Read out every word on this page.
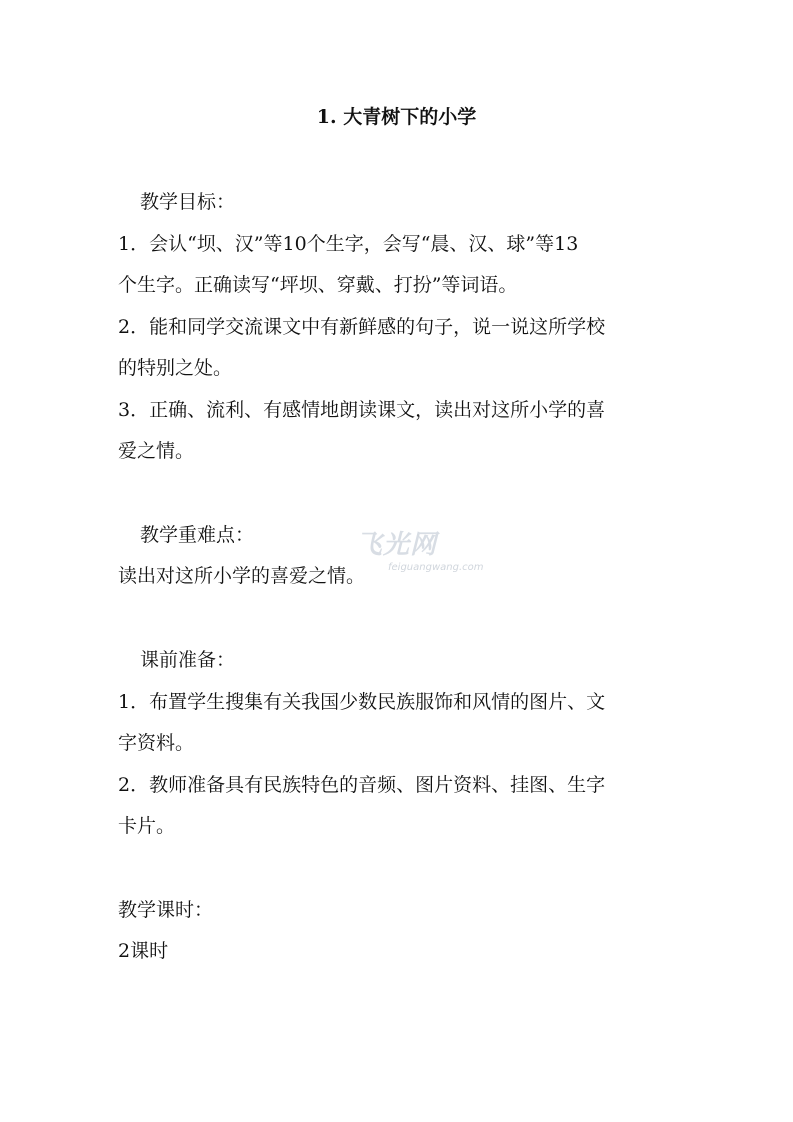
1. 大青树下的小学
教学目标：
1．会认“坝、汉”等10个生字，会写“晨、汉、球”等13
个生字。正确读写“坪坝、穿戴、打扮”等词语。
2．能和同学交流课文中有新鲜感的句子，说一说这所学校
的特别之处。
3．正确、流利、有感情地朗读课文，读出对这所小学的喜
爱之情。
教学重难点：
读出对这所小学的喜爱之情。
飞光网
feiguangwang.com
课前准备：
1．布置学生搜集有关我国少数民族服饰和风情的图片、文
字资料。
2．教师准备具有民族特色的音频、图片资料、挂图、生字
卡片。
教学课时：
2课时
